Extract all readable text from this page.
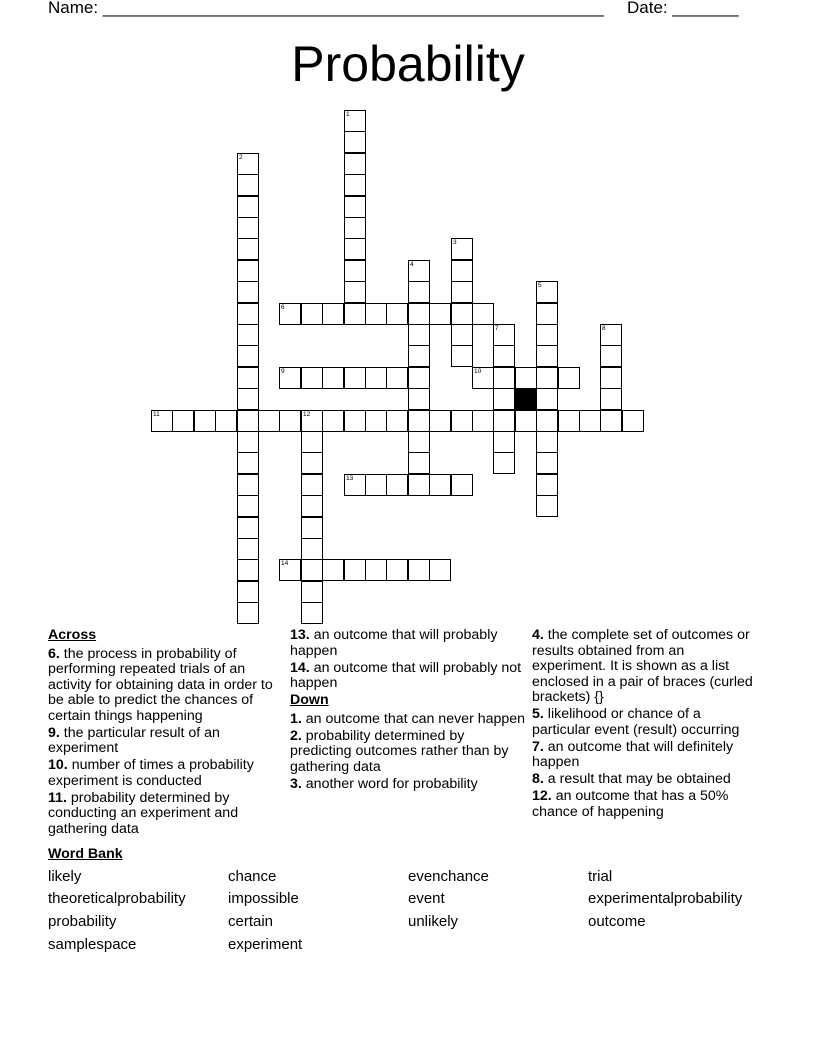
Name: _____________________________________________________ Date: _______
Probability
1
2
3
4
5
6
7	8
9	10
11	12
13
14
Across
6. the process in probability of performing repeated trials of an activity for obtaining data in order to be able to predict the chances of certain things happening
9. the particular result of an experiment
10. number of times a probability experiment is conducted
11. probability determined by conducting an experiment and gathering data
13. an outcome that will probably happen
14. an outcome that will probably not happen
Down
1. an outcome that can never happen
2. probability determined by predicting outcomes rather than by gathering data
3. another word for probability
4. the complete set of outcomes or results obtained from an experiment. It is shown as a list enclosed in a pair of braces (curled brackets) {}
5. likelihood or chance of a particular event (result) occurring
7. an outcome that will definitely happen
8. a result that may be obtained
12. an outcome that has a 50% chance of happening
Word Bank
likely	chance	evenchance	trial
theoreticalprobability	impossible	event	experimentalprobability
probability	certain	unlikely	outcome
samplespace	experiment
